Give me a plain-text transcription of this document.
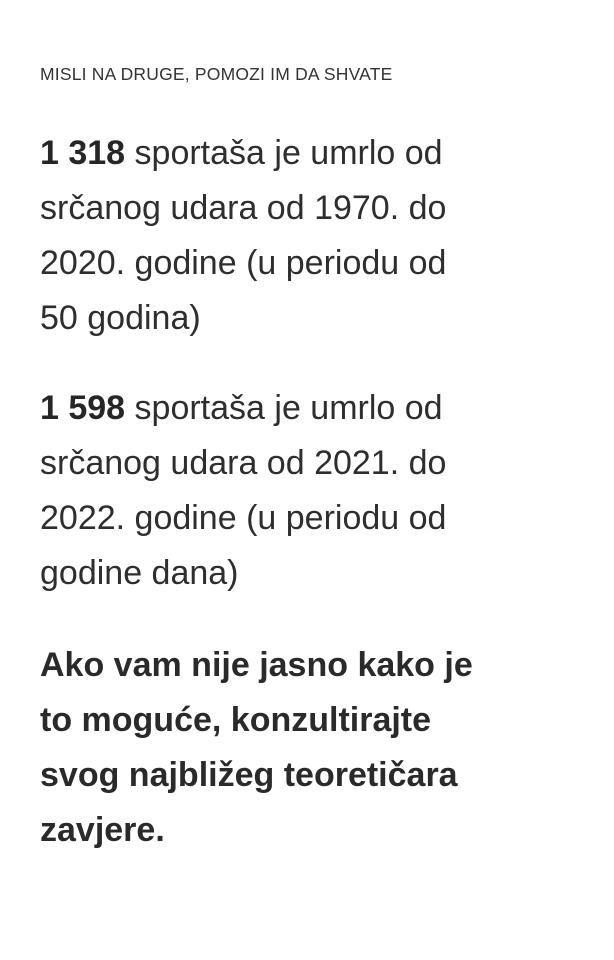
MISLI NA DRUGE, POMOZI IM DA SHVATE
1 318 sportaša je umrlo od
srčanog udara od 1970. do
2020. godine (u periodu od
50 godina)
1 598 sportaša je umrlo od
srčanog udara od 2021. do
2022. godine (u periodu od
godine dana)
Ako vam nije jasno kako je
to moguće, konzultirajte
svog najbližeg teoretičara
zavjere.
